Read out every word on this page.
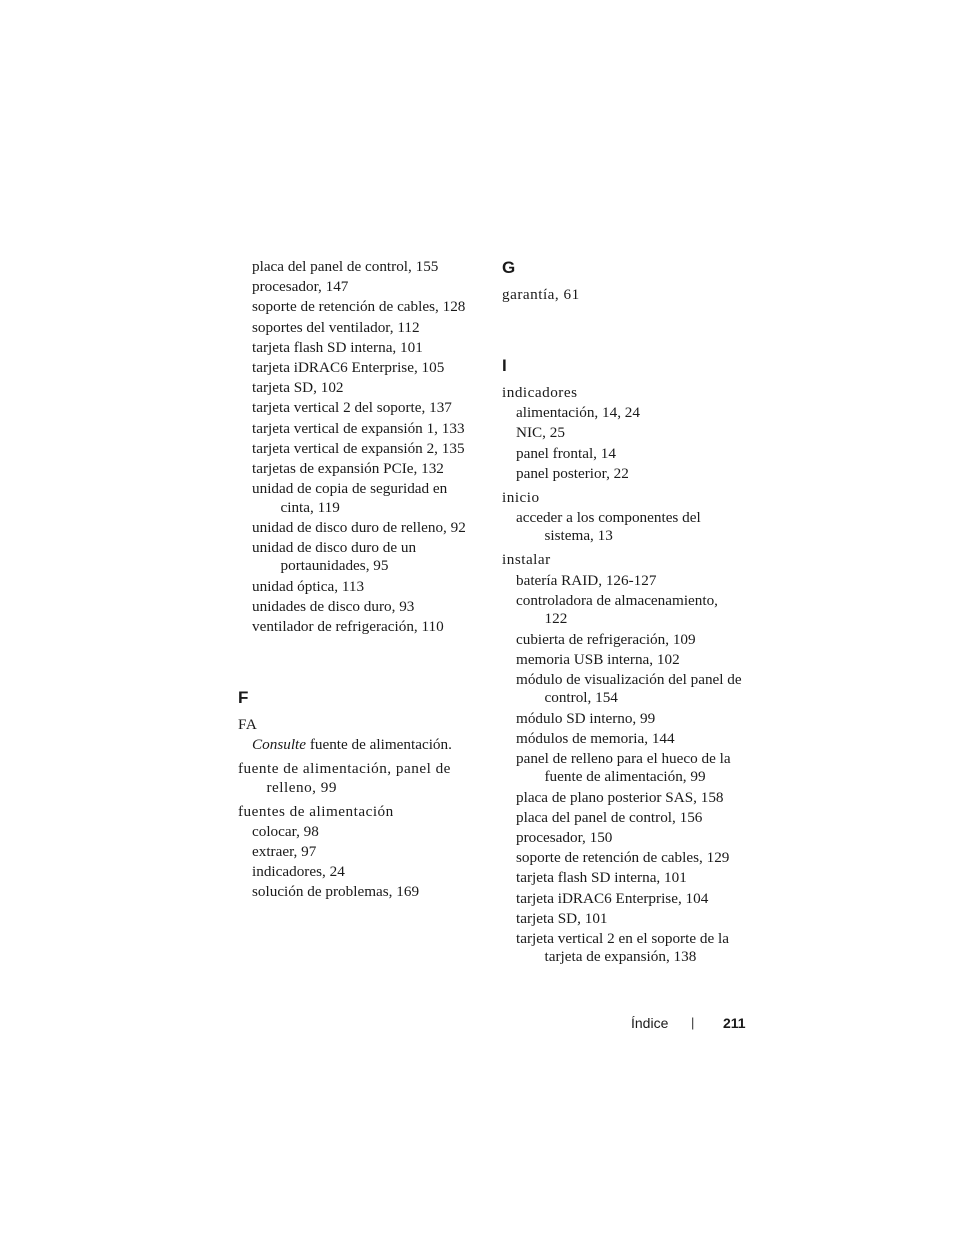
placa del panel de control, 155
procesador, 147
soporte de retención de cables, 128
soportes del ventilador, 112
tarjeta flash SD interna, 101
tarjeta iDRAC6 Enterprise, 105
tarjeta SD, 102
tarjeta vertical 2 del soporte, 137
tarjeta vertical de expansión 1, 133
tarjeta vertical de expansión 2, 135
tarjetas de expansión PCIe, 132
unidad de copia de seguridad en cinta, 119
unidad de disco duro de relleno, 92
unidad de disco duro de un portaunidades, 95
unidad óptica, 113
unidades de disco duro, 93
ventilador de refrigeración, 110
F
FA
Consulte fuente de alimentación.
fuente de alimentación, panel de relleno, 99
fuentes de alimentación
colocar, 98
extraer, 97
indicadores, 24
solución de problemas, 169
G
garantía, 61
I
indicadores
alimentación, 14, 24
NIC, 25
panel frontal, 14
panel posterior, 22
inicio
acceder a los componentes del sistema, 13
instalar
batería RAID, 126-127
controladora de almacenamiento, 122
cubierta de refrigeración, 109
memoria USB interna, 102
módulo de visualización del panel de control, 154
módulo SD interno, 99
módulos de memoria, 144
panel de relleno para el hueco de la fuente de alimentación, 99
placa de plano posterior SAS, 158
placa del panel de control, 156
procesador, 150
soporte de retención de cables, 129
tarjeta flash SD interna, 101
tarjeta iDRAC6 Enterprise, 104
tarjeta SD, 101
tarjeta vertical 2 en el soporte de la tarjeta de expansión, 138
Índice | 211
